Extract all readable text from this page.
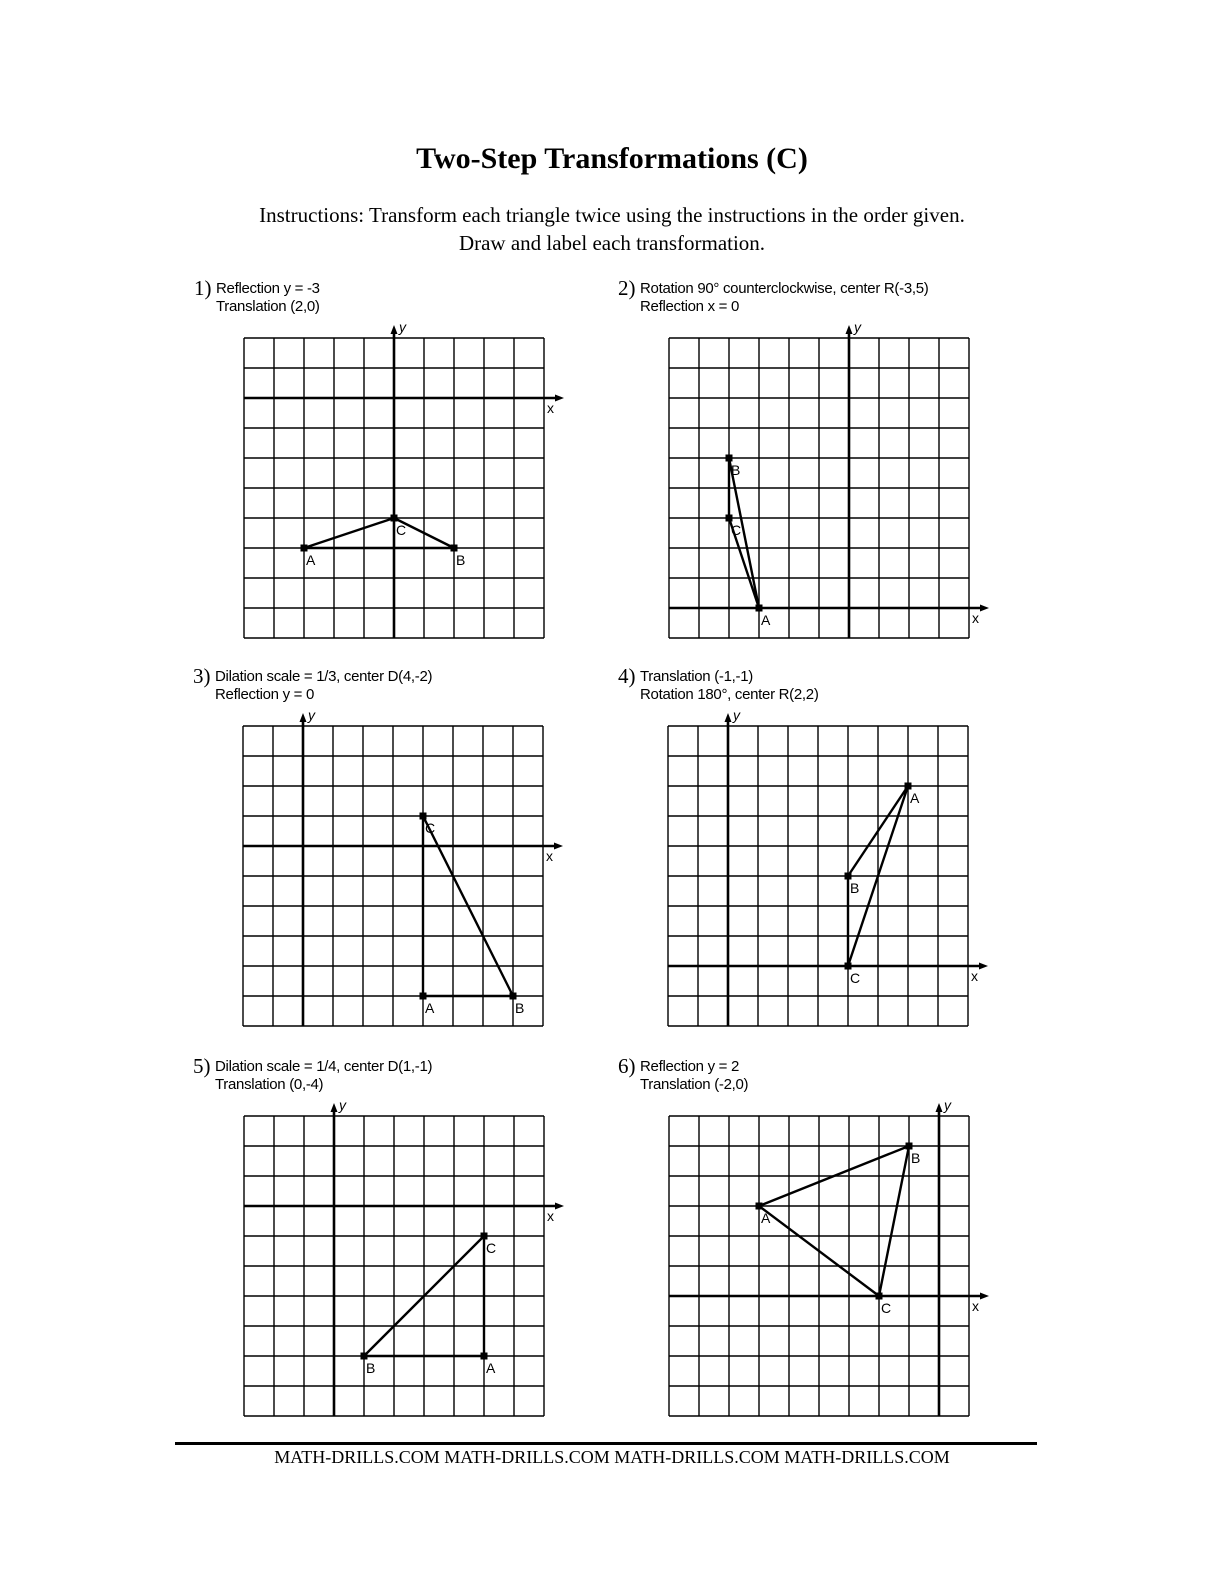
Two-Step Transformations (C)
Instructions: Transform each triangle twice using the instructions in the order given.
Draw and label each transformation.
1) Reflection y = -3
Translation (2,0)
x
y
A	B
C
2) Rotation 90° counterclockwise, center R(-3,5)
Reflection x = 0
x
y
A
B
C
3) Dilation scale = 1/3, center D(4,-2)
Reflection y = 0
x
y
A	B
C
4) Translation (-1,-1)
Rotation 180°, center R(2,2)
x
y
A
B
C
5) Dilation scale = 1/4, center D(1,-1)
Translation (0,-4)
x
y
A
B
C
6) Reflection y = 2
Translation (-2,0)
x
y
A
B
C
MATH-DRILLS.COM MATH-DRILLS.COM MATH-DRILLS.COM MATH-DRILLS.COM
